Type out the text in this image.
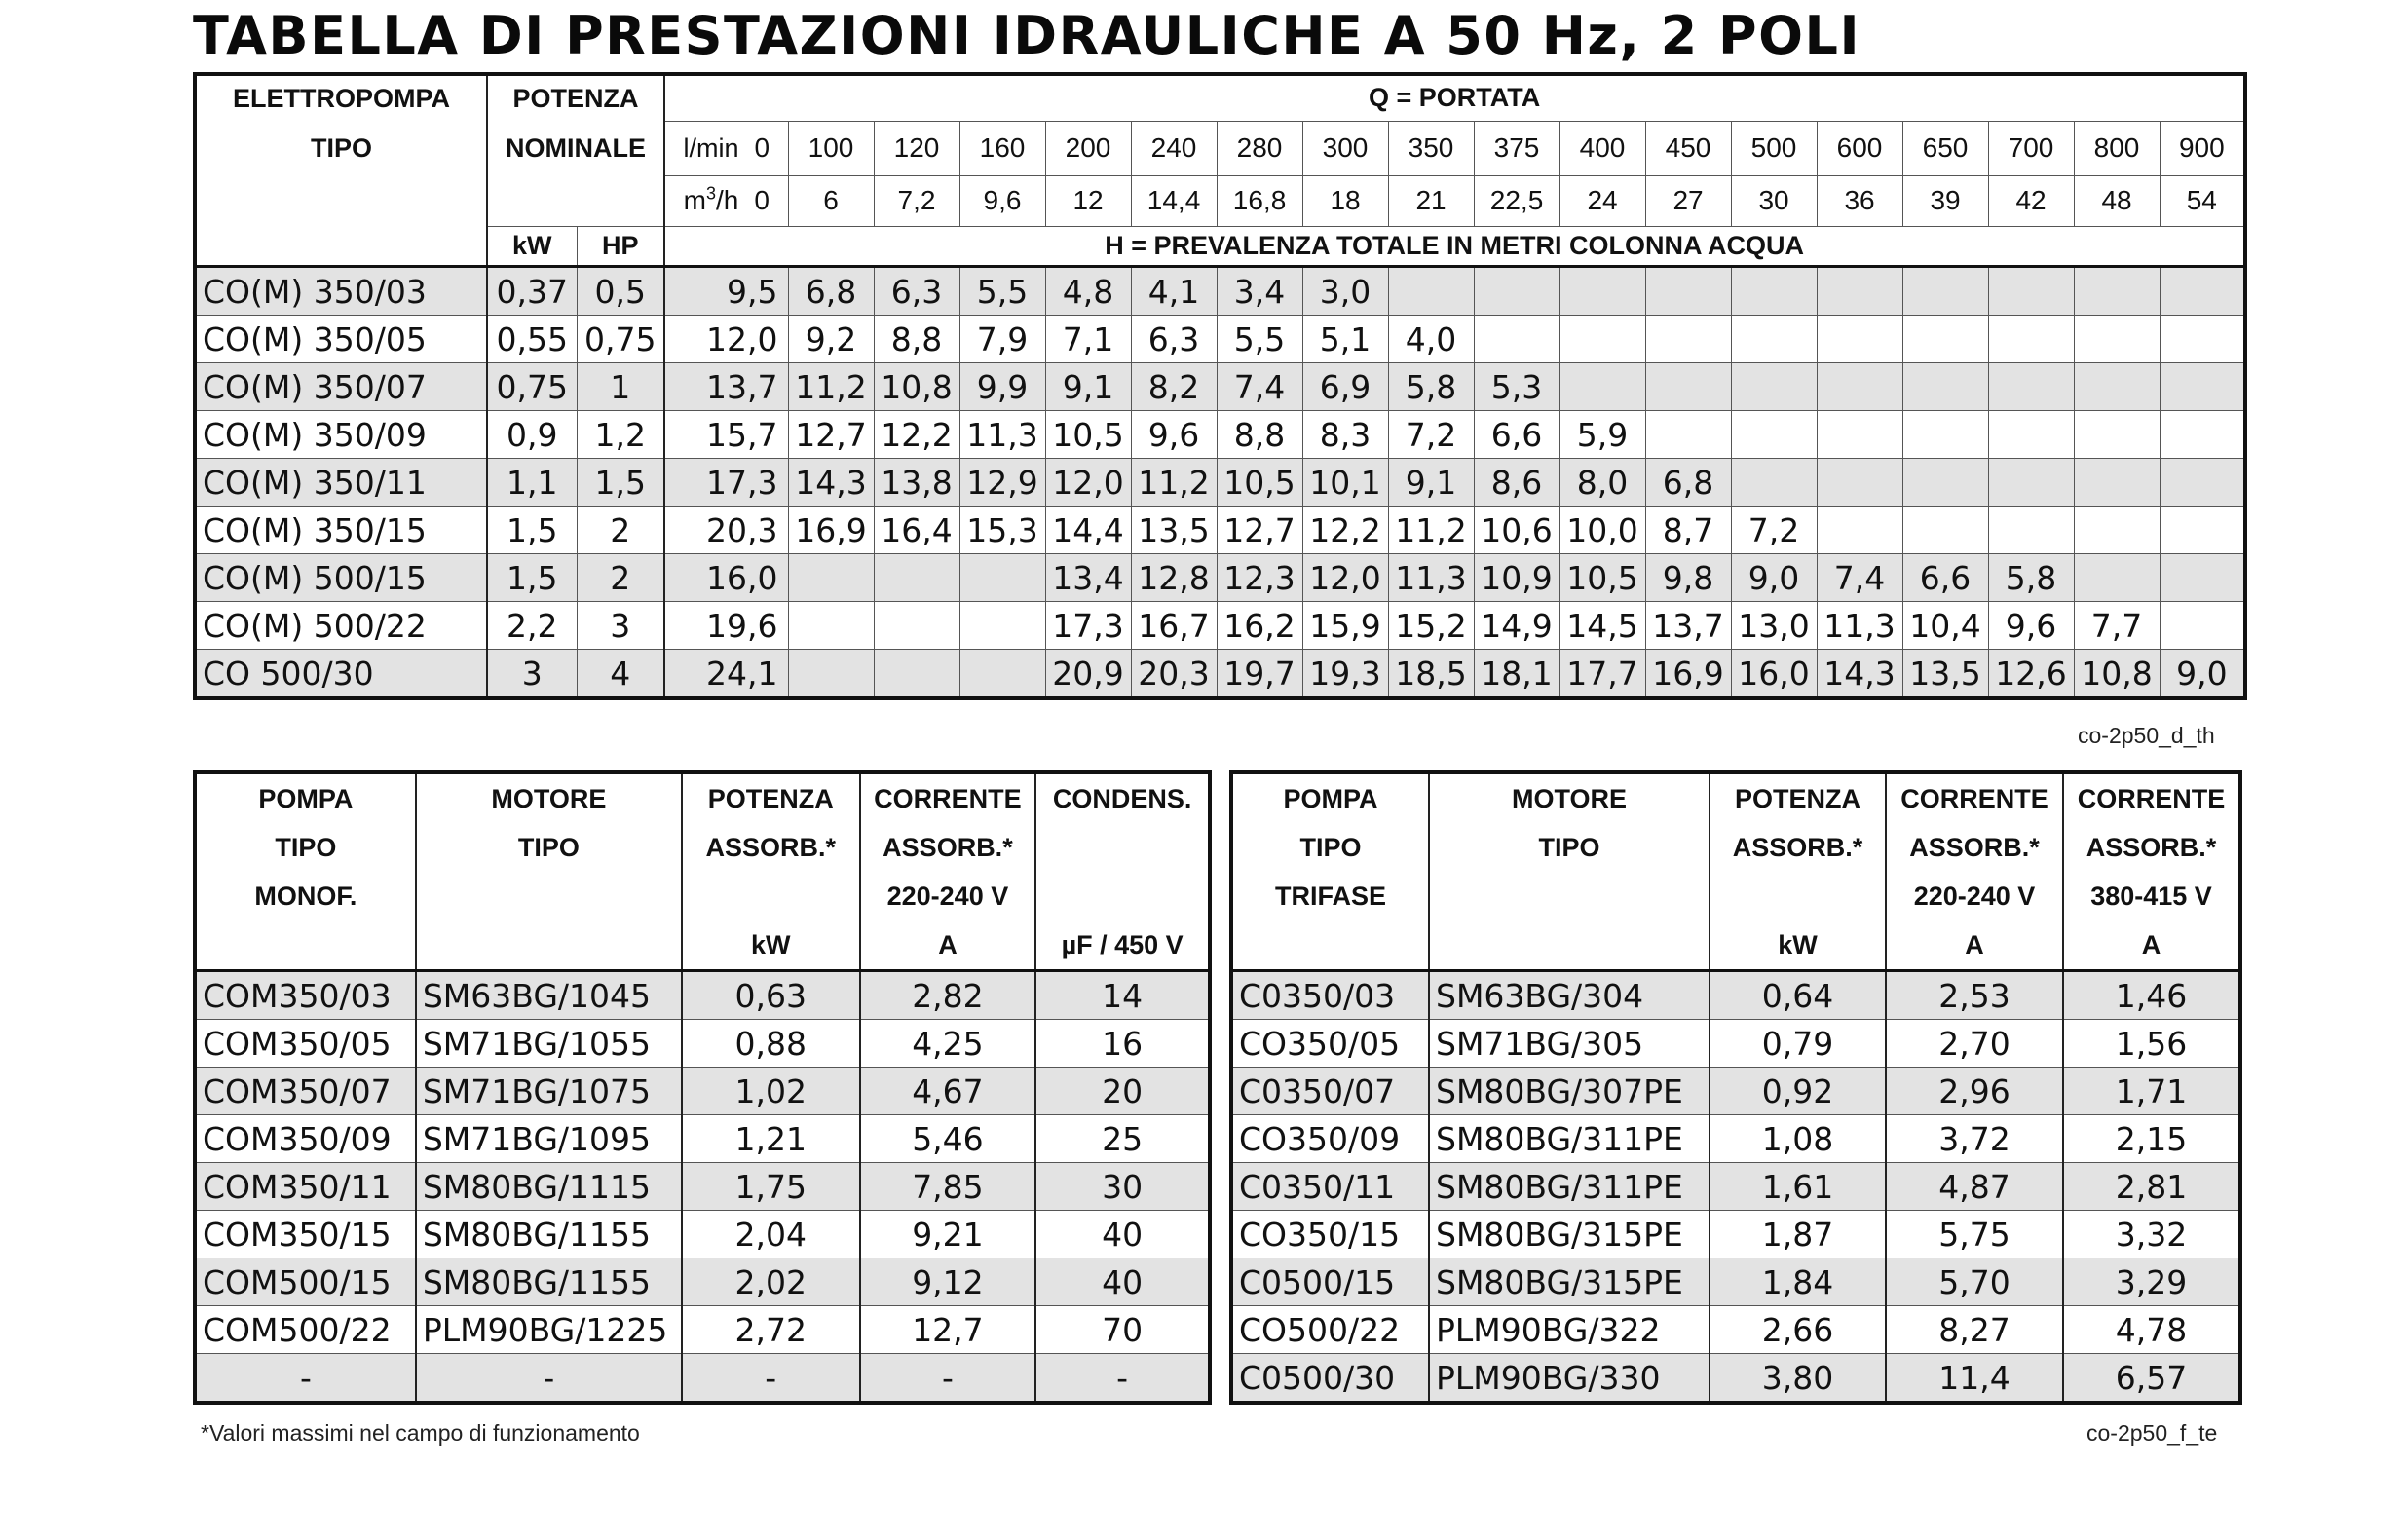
TABELLA DI PRESTAZIONI IDRAULICHE A 50 Hz, 2 POLI
ELETTROPOMPA	POTENZA		Q = PORTATA																	
TIPO	NOMINALE		l/min 0	100	120	160	200	240	280	300	350	375	400	450	500	600	650	700	800	900
			$m^3/h$ 0	6	7,2	9,6	12	14,4	16,8	18	21	22,5	24	27	30	36	39	42	48	54
	kW	HP	H = PREVALENZA TOTALE IN METRI COLONNA ACQUA																	
CO(M) 350/03	0,37	0,5	9,5	6,8	6,3	5,5	4,8	4,1	3,4	3,0										
CO(M) 350/05	0,55	0,75	12,0	9,2	8,8	7,9	7,1	6,3	5,5	5,1	4,0									
CO(M) 350/07	0,75	1	13,7	11,2	10,8	9,9	9,1	8,2	7,4	6,9	5,8	5,3								
CO(M) 350/09	0,9	1,2	15,7	12,7	12,2	11,3	10,5	9,6	8,8	8,3	7,2	6,6	5,9							
CO(M) 350/11	1,1	1,5	17,3	14,3	13,8	12,9	12,0	11,2	10,5	10,1	9,1	8,6	8,0	6,8						
CO(M) 350/15	1,5	2	20,3	16,9	16,4	15,3	14,4	13,5	12,7	12,2	11,2	10,6	10,0	8,7	7,2					
CO(M) 500/15	1,5	2	16,0				13,4	12,8	12,3	12,0	11,3	10,9	10,5	9,8	9,0	7,4	6,6	5,8		
CO(M) 500/22	2,2	3	19,6				17,3	16,7	16,2	15,9	15,2	14,9	14,5	13,7	13,0	11,3	10,4	9,6	7,7	
CO 500/30	3	4	24,1				20,9	20,3	19,7	19,3	18,5	18,1	17,7	16,9	16,0	14,3	13,5	12,6	10,8	9,0
co-2p50_d_th
POMPA	MOTORE	POTENZA	CORRENTE	CONDENS.
TIPO	TIPO	ASSORB.*	ASSORB.*	
MONOF.			220-240 V	
		kW	A	µF / 450 V
COM350/03	SM63BG/1045	0,63	2,82	14
COM350/05	SM71BG/1055	0,88	4,25	16
COM350/07	SM71BG/1075	1,02	4,67	20
COM350/09	SM71BG/1095	1,21	5,46	25
COM350/11	SM80BG/1115	1,75	7,85	30
COM350/15	SM80BG/1155	2,04	9,21	40
COM500/15	SM80BG/1155	2,02	9,12	40
COM500/22	PLM90BG/1225	2,72	12,7	70
-	-	-	-	-
POMPA	MOTORE	POTENZA	CORRENTE	CORRENTE
TIPO	TIPO	ASSORB.*	ASSORB.*	ASSORB.*
TRIFASE			220-240 V	380-415 V
		kW	A	A
C0350/03	SM63BG/304	0,64	2,53	1,46
CO350/05	SM71BG/305	0,79	2,70	1,56
C0350/07	SM80BG/307PE	0,92	2,96	1,71
CO350/09	SM80BG/311PE	1,08	3,72	2,15
C0350/11	SM80BG/311PE	1,61	4,87	2,81
CO350/15	SM80BG/315PE	1,87	5,75	3,32
C0500/15	SM80BG/315PE	1,84	5,70	3,29
CO500/22	PLM90BG/322	2,66	8,27	4,78
C0500/30	PLM90BG/330	3,80	11,4	6,57
*Valori massimi nel campo di funzionamento	co-2p50_f_te
